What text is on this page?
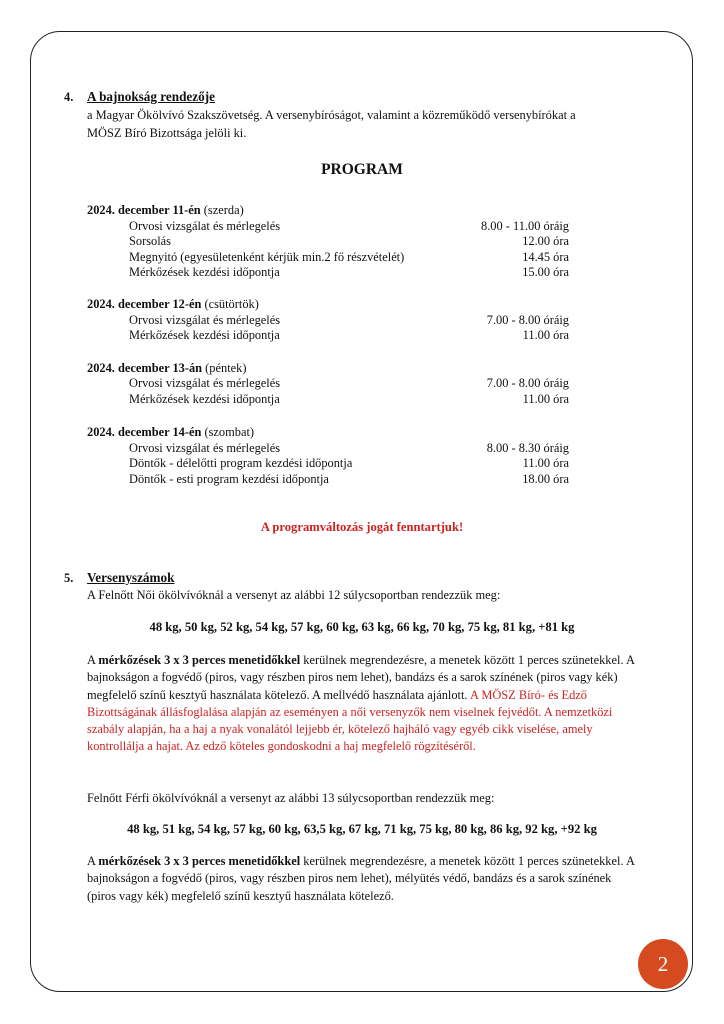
4. A bajnokság rendezője
a Magyar Ökölvívó Szakszövetség. A versenybíróságot, valamint a közreműködő versenybírókat a
MÖSZ Bíró Bizottsága jelöli ki.
PROGRAM
2024. december 11-én (szerda)
Orvosi vizsgálat és mérlegelés	8.00 - 11.00 óráig
Sorsolás	12.00 óra
Megnyitó (egyesületenként kérjük min.2 fő részvételét)	14.45 óra
Mérkőzések kezdési időpontja	15.00 óra
2024. december 12-én (csütörtök)
Orvosi vizsgálat és mérlegelés	7.00 - 8.00 óráig
Mérkőzések kezdési időpontja	11.00 óra
2024. december 13-án (péntek)
Orvosi vizsgálat és mérlegelés	7.00 - 8.00 óráig
Mérkőzések kezdési időpontja	11.00 óra
2024. december 14-én (szombat)
Orvosi vizsgálat és mérlegelés	8.00 - 8.30 óráig
Döntők - délelőtti program kezdési időpontja	11.00 óra
Döntők - esti program kezdési időpontja	18.00 óra
A programváltozás jogát fenntartjuk!
5. Versenyszámok
A Felnőtt Női ökölvívóknál a versenyt az alábbi 12 súlycsoportban rendezzük meg:
48 kg, 50 kg, 52 kg, 54 kg, 57 kg, 60 kg, 63 kg, 66 kg, 70 kg, 75 kg, 81 kg, +81 kg
A mérkőzések 3 x 3 perces menetidőkkel kerülnek megrendezésre, a menetek között 1 perces szünetekkel. A bajnokságon a fogvédő (piros, vagy részben piros nem lehet), bandázs és a sarok színének (piros vagy kék) megfelelő színű kesztyű használata kötelező. A mellvédő használata ajánlott. A MÖSZ Bíró- és Edző Bizottságának állásfoglalása alapján az eseményen a női versenyzők nem viselnek fejvédőt. A nemzetközi szabály alapján, ha a haj a nyak vonalától lejjebb ér, kötelező hajháló vagy egyéb cikk viselése, amely kontrollálja a hajat. Az edző köteles gondoskodni a haj megfelelő rögzítéséről.
Felnőtt Férfi ökölvívóknál a versenyt az alábbi 13 súlycsoportban rendezzük meg:
48 kg, 51 kg, 54 kg, 57 kg, 60 kg, 63,5 kg, 67 kg, 71 kg, 75 kg, 80 kg, 86 kg, 92 kg, +92 kg
A mérkőzések 3 x 3 perces menetidőkkel kerülnek megrendezésre, a menetek között 1 perces szünetekkel. A bajnokságon a fogvédő (piros, vagy részben piros nem lehet), mélyütés védő, bandázs és a sarok színének (piros vagy kék) megfelelő színű kesztyű használata kötelező.
2
